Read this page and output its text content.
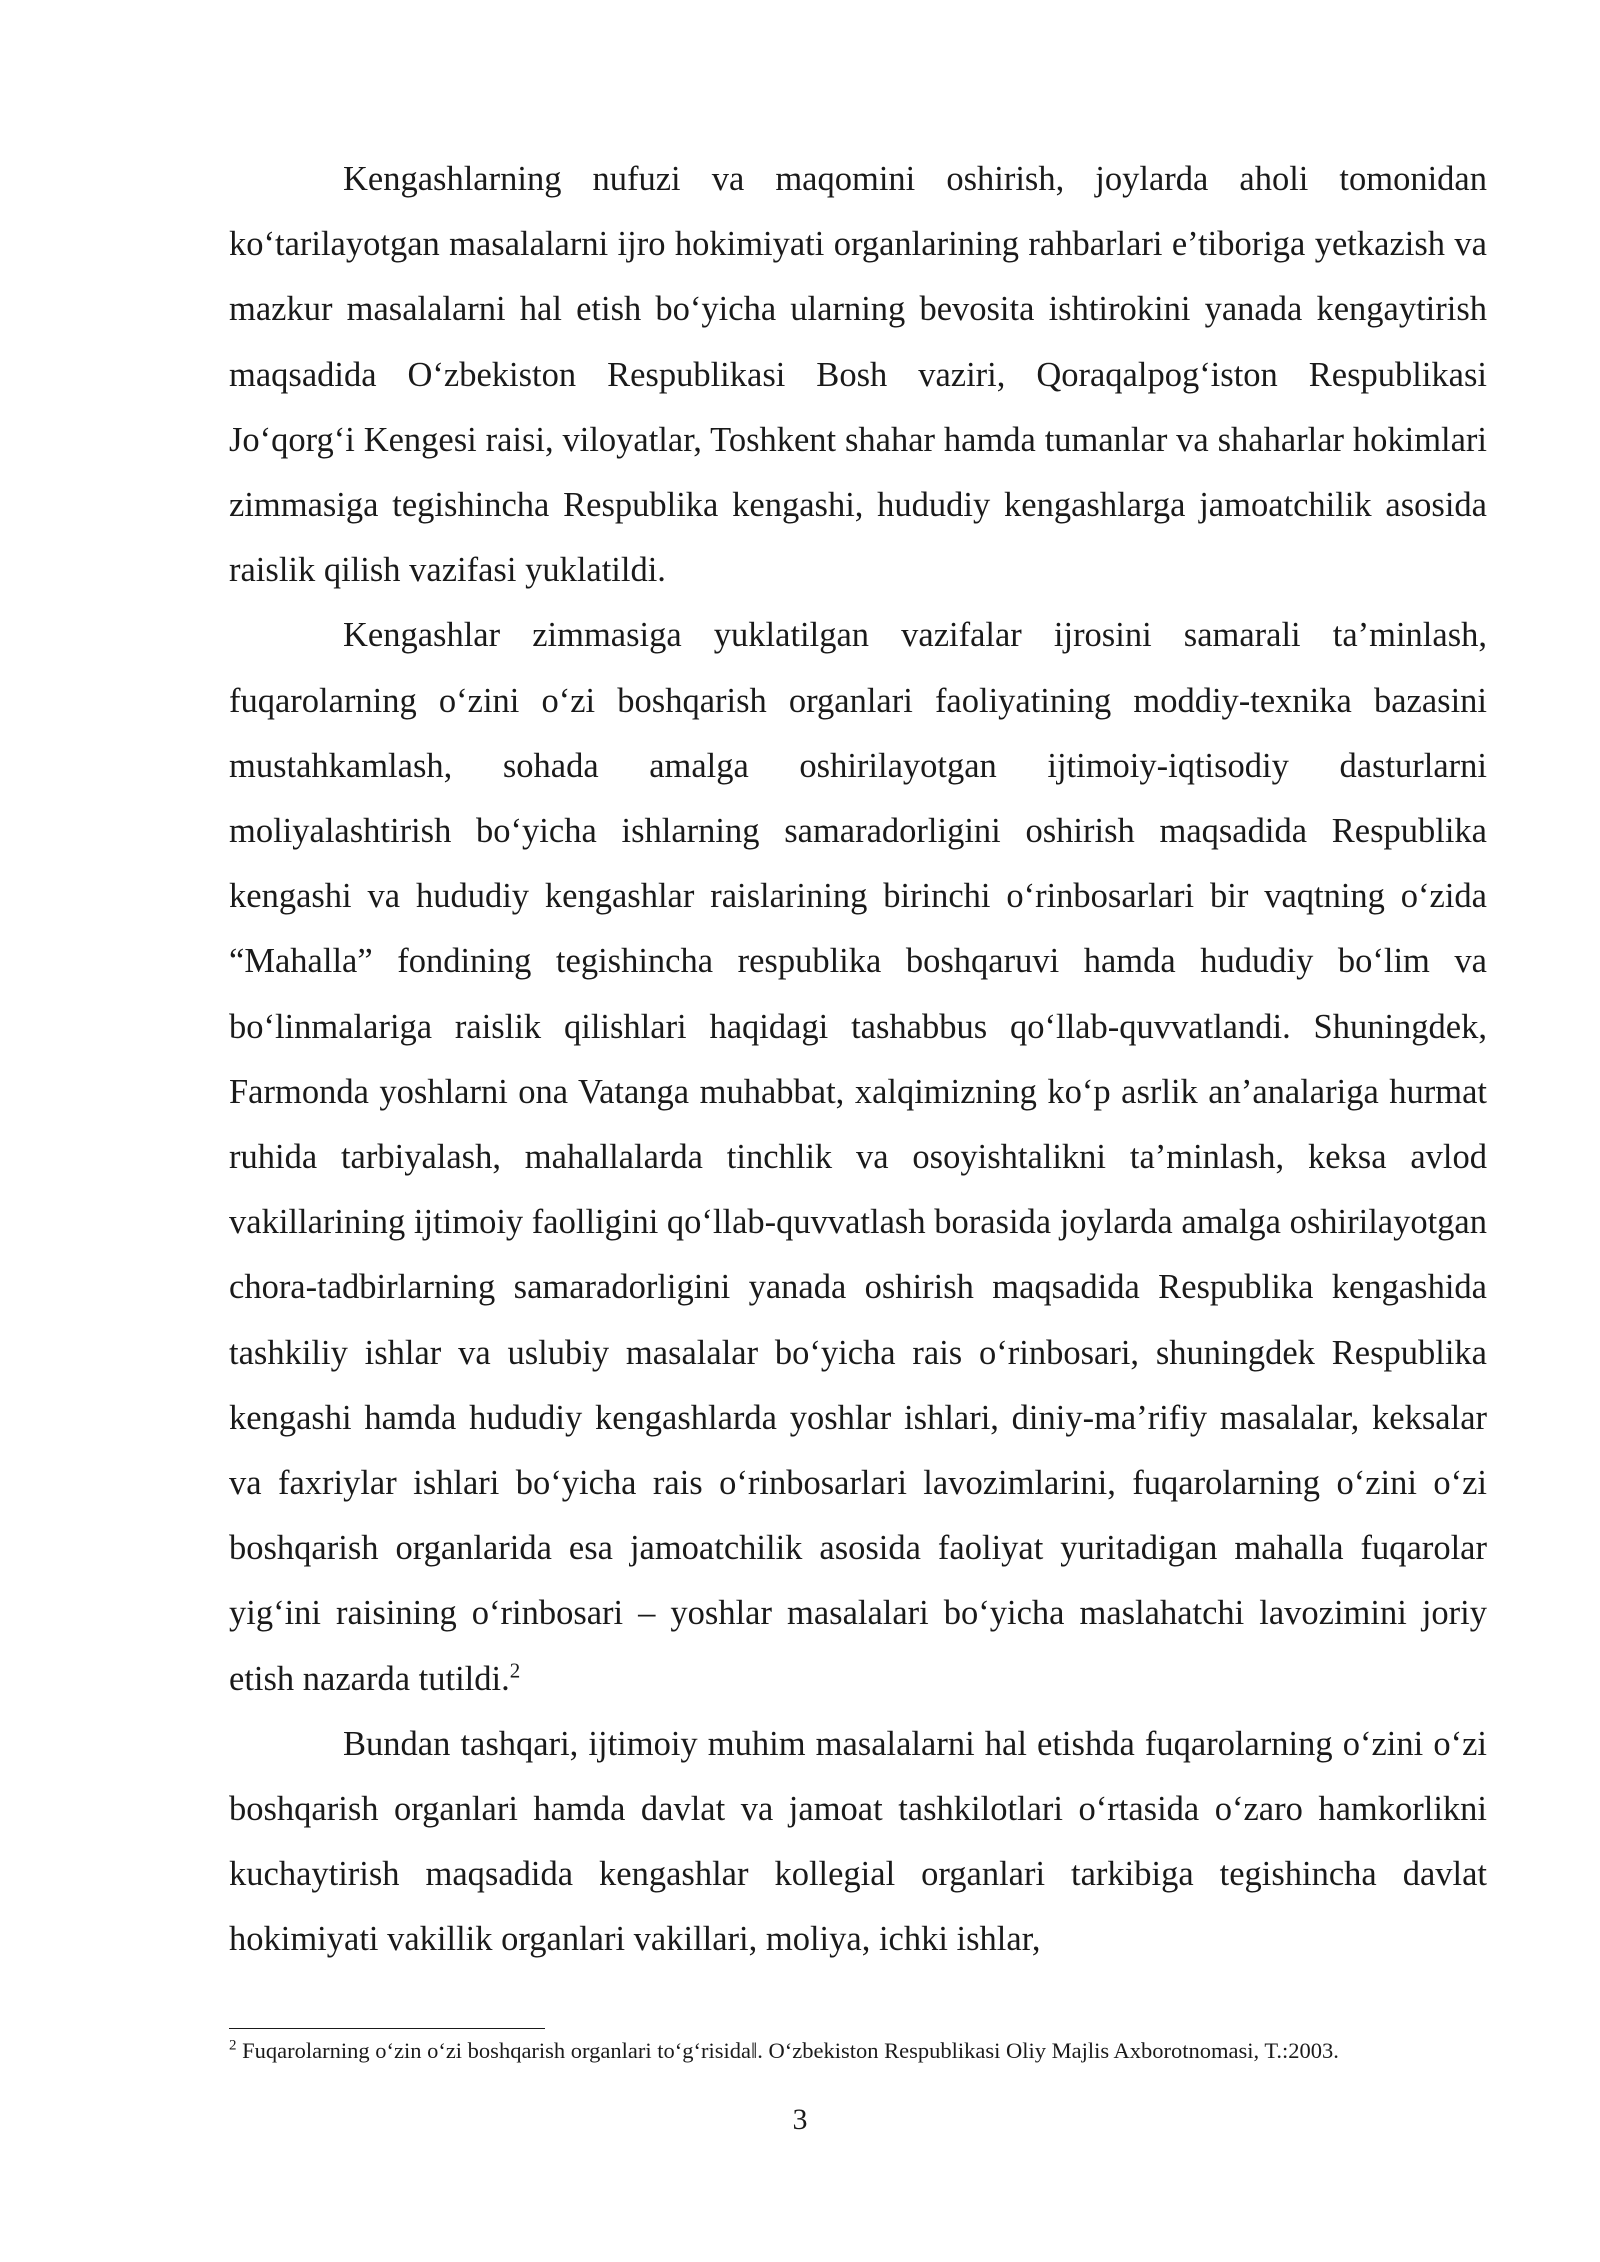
Kengashlarning nufuzi va maqomini oshirish, joylarda aholi tomonidan ko‘tarilayotgan masalalarni ijro hokimiyati organlarining rahbarlari e’tiboriga yetkazish va mazkur masalalarni hal etish bo‘yicha ularning bevosita ishtirokini yanada kengaytirish maqsadida O‘zbekiston Respublikasi Bosh vaziri, Qoraqalpog‘iston Respublikasi Jo‘qorg‘i Kengesi raisi, viloyatlar, Toshkent shahar hamda tumanlar va shaharlar hokimlari zimmasiga tegishincha Respublika kengashi, hududiy kengashlarga jamoatchilik asosida raislik qilish vazifasi yuklatildi.

Kengashlar zimmasiga yuklatilgan vazifalar ijrosini samarali ta’minlash, fuqarolarning o‘zini o‘zi boshqarish organlari faoliyatining moddiy-texnika bazasini mustahkamlash, sohada amalga oshirilayotgan ijtimoiy-iqtisodiy dasturlarni moliyalashtirish bo‘yicha ishlarning samaradorligini oshirish maqsadida Respublika kengashi va hududiy kengashlar raislarining birinchi o‘rinbosarlari bir vaqtning o‘zida “Mahalla” fondining tegishincha respublika boshqaruvi hamda hududiy bo‘lim va bo‘linmalariga raislik qilishlari haqidagi tashabbus qo‘llab-quvvatlandi. Shuningdek, Farmonda yoshlarni ona Vatanga muhabbat, xalqimizning ko‘p asrlik an’analariga hurmat ruhida tarbiyalash, mahallalarda tinchlik va osoyishtalikni ta’minlash, keksa avlod vakillarining ijtimoiy faolligini qo‘llab-quvvatlash borasida joylarda amalga oshirilayotgan chora-tadbirlarning samaradorligini yanada oshirish maqsadida Respublika kengashida tashkiliy ishlar va uslubiy masalalar bo‘yicha rais o‘rinbosari, shuningdek Respublika kengashi hamda hududiy kengashlarda yoshlar ishlari, diniy-ma’rifiy masalalar, keksalar va faxriylar ishlari bo‘yicha rais o‘rinbosarlari lavozimlarini, fuqarolarning o‘zini o‘zi boshqarish organlarida esa jamoatchilik asosida faoliyat yuritadigan mahalla fuqarolar yig‘ini raisining o‘rinbosari – yoshlar masalalari bo‘yicha maslahatchi lavozimini joriy etish nazarda tutildi.$^2$

Bundan tashqari, ijtimoiy muhim masalalarni hal etishda fuqarolarning o‘zini o‘zi boshqarish organlari hamda davlat va jamoat tashkilotlari o‘rtasida o‘zaro hamkorlikni kuchaytirish maqsadida kengashlar kollegial organlari tarkibiga tegishincha davlat hokimiyati vakillik organlari vakillari, moliya, ichki ishlar,

$^2$ Fuqarolarning o‘zin o‘zi boshqarish organlari to‘g‘risida‖. O‘zbekiston Respublikasi Oliy Majlis Axborotnomasi, T.:2003.

3
